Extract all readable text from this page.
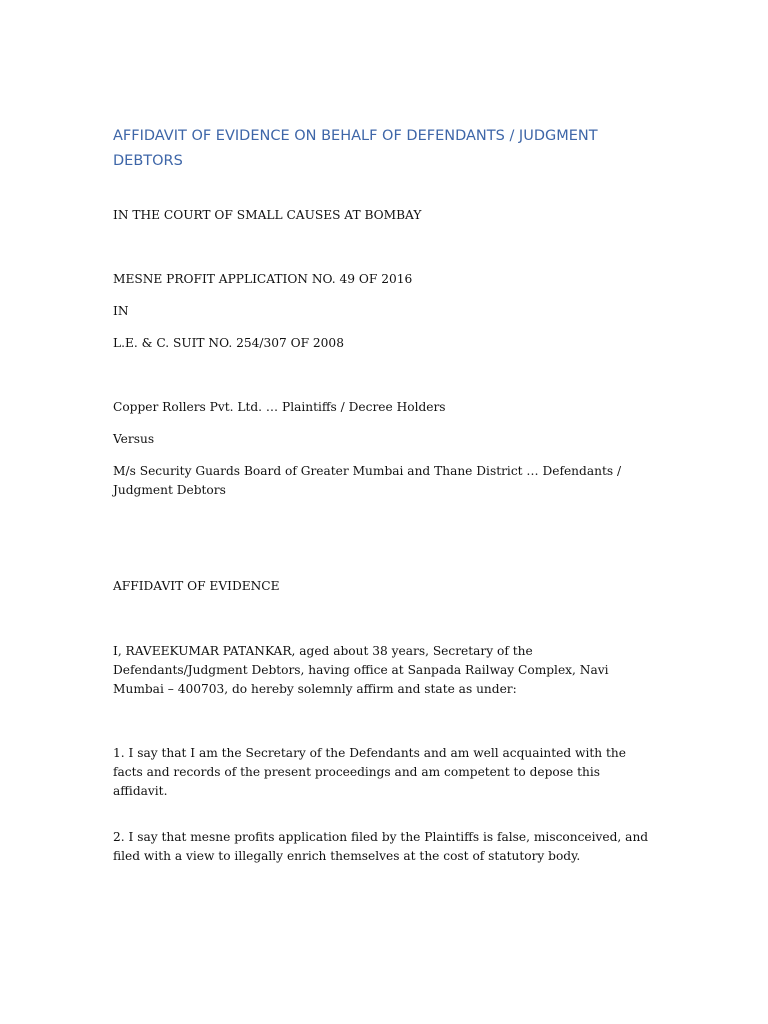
AFFIDAVIT OF EVIDENCE ON BEHALF OF DEFENDANTS / JUDGMENT DEBTORS

IN THE COURT OF SMALL CAUSES AT BOMBAY

MESNE PROFIT APPLICATION NO. 49 OF 2016

IN

L.E. & C. SUIT NO. 254/307 OF 2008

Copper Rollers Pvt. Ltd. … Plaintiffs / Decree Holders

Versus

M/s Security Guards Board of Greater Mumbai and Thane District … Defendants / Judgment Debtors

AFFIDAVIT OF EVIDENCE

I, RAVEEKUMAR PATANKAR, aged about 38 years, Secretary of the Defendants/Judgment Debtors, having office at Sanpada Railway Complex, Navi Mumbai – 400703, do hereby solemnly affirm and state as under:

1. I say that I am the Secretary of the Defendants and am well acquainted with the facts and records of the present proceedings and am competent to depose this affidavit.

2. I say that mesne profits application filed by the Plaintiffs is false, misconceived, and filed with a view to illegally enrich themselves at the cost of statutory body.
